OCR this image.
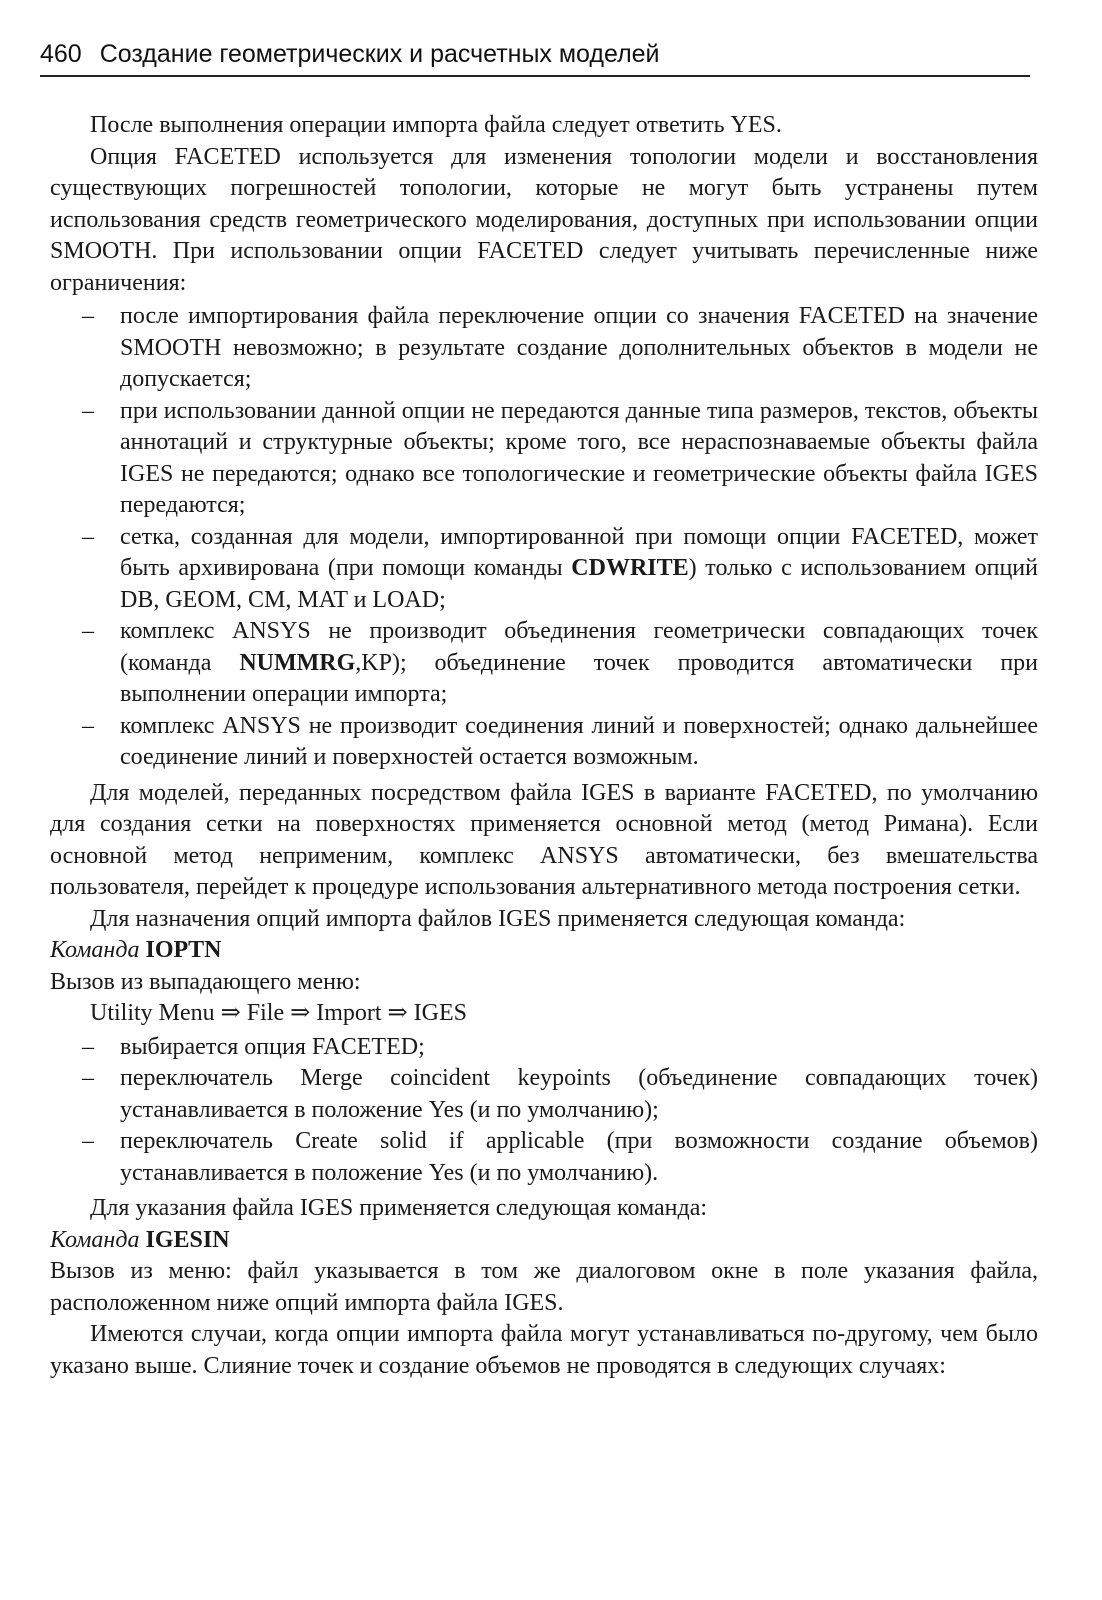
460 Создание геометрических и расчетных моделей

После выполнения операции импорта файла следует ответить YES.

Опция FACETED используется для изменения топологии модели и восстановления существующих погрешностей топологии, которые не могут быть устранены путем использования средств геометрического моделирования, доступных при использовании опции SMOOTH. При использовании опции FACETED следует учитывать перечисленные ниже ограничения:

– после импортирования файла переключение опции со значения FACETED на значение SMOOTH невозможно; в результате создание дополнительных объектов в модели не допускается;
– при использовании данной опции не передаются данные типа размеров, текстов, объекты аннотаций и структурные объекты; кроме того, все нераспознаваемые объекты файла IGES не передаются; однако все топологические и геометрические объекты файла IGES передаются;
– сетка, созданная для модели, импортированной при помощи опции FACETED, может быть архивирована (при помощи команды CDWRITE) только с использованием опций DB, GEOM, CM, MAT и LOAD;
– комплекс ANSYS не производит объединения геометрически совпадающих точек (команда NUMMRG,KP); объединение точек проводится автоматически при выполнении операции импорта;
– комплекс ANSYS не производит соединения линий и поверхностей; однако дальнейшее соединение линий и поверхностей остается возможным.

Для моделей, переданных посредством файла IGES в варианте FACETED, по умолчанию для создания сетки на поверхностях применяется основной метод (метод Римана). Если основной метод неприменим, комплекс ANSYS автоматически, без вмешательства пользователя, перейдет к процедуре использования альтернативного метода построения сетки.

Для назначения опций импорта файлов IGES применяется следующая команда:

Команда IOPTN

Вызов из выпадающего меню:

Utility Menu ⇒ File ⇒ Import ⇒ IGES

– выбирается опция FACETED;
– переключатель Merge coincident keypoints (объединение совпадающих точек) устанавливается в положение Yes (и по умолчанию);
– переключатель Create solid if applicable (при возможности создание объемов) устанавливается в положение Yes (и по умолчанию).

Для указания файла IGES применяется следующая команда:

Команда IGESIN

Вызов из меню: файл указывается в том же диалоговом окне в поле указания файла, расположенном ниже опций импорта файла IGES.

Имеются случаи, когда опции импорта файла могут устанавливаться по-другому, чем было указано выше. Слияние точек и создание объемов не проводятся в следующих случаях:
